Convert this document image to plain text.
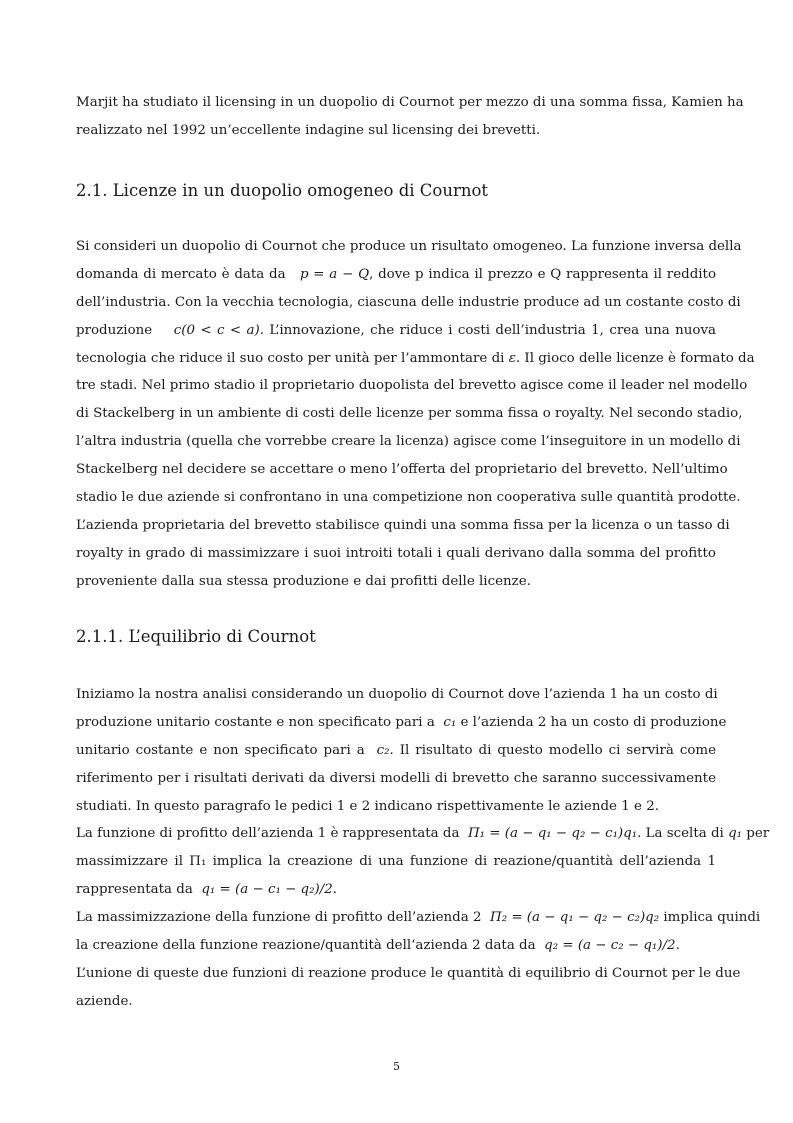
Marjit ha studiato il licensing in un duopolio di Cournot per mezzo di una somma fissa, Kamien ha
realizzato nel 1992 un’eccellente indagine sul licensing dei brevetti.
2.1. Licenze in un duopolio omogeneo di Cournot
Si consideri un duopolio di Cournot che produce un risultato omogeneo. La funzione inversa della
domanda di mercato è data da p = a − Q, dove p indica il prezzo e Q rappresenta il reddito
dell’industria. Con la vecchia tecnologia, ciascuna delle industrie produce ad un costante costo di
produzione c(0 < c < a). L’innovazione, che riduce i costi dell’industria 1, crea una nuova
tecnologia che riduce il suo costo per unità per l’ammontare di ε. Il gioco delle licenze è formato da
tre stadi. Nel primo stadio il proprietario duopolista del brevetto agisce come il leader nel modello
di Stackelberg in un ambiente di costi delle licenze per somma fissa o royalty. Nel secondo stadio,
l’altra industria (quella che vorrebbe creare la licenza) agisce come l’inseguitore in un modello di
Stackelberg nel decidere se accettare o meno l’offerta del proprietario del brevetto. Nell’ultimo
stadio le due aziende si confrontano in una competizione non cooperativa sulle quantità prodotte.
L’azienda proprietaria del brevetto stabilisce quindi una somma fissa per la licenza o un tasso di
royalty in grado di massimizzare i suoi introiti totali i quali derivano dalla somma del profitto
proveniente dalla sua stessa produzione e dai profitti delle licenze.
2.1.1. L’equilibrio di Cournot
Iniziamo la nostra analisi considerando un duopolio di Cournot dove l’azienda 1 ha un costo di
produzione unitario costante e non specificato pari a c₁ e l’azienda 2 ha un costo di produzione
unitario costante e non specificato pari a c₂. Il risultato di questo modello ci servirà come
riferimento per i risultati derivati da diversi modelli di brevetto che saranno successivamente
studiati. In questo paragrafo le pedici 1 e 2 indicano rispettivamente le aziende 1 e 2.
La funzione di profitto dell’azienda 1 è rappresentata da Π₁ = (a − q₁ − q₂ − c₁)q₁. La scelta di q₁ per
massimizzare il Π₁ implica la creazione di una funzione di reazione/quantità dell’azienda 1
rappresentata da q₁ = (a − c₁ − q₂)/2.
La massimizzazione della funzione di profitto dell’azienda 2 Π₂ = (a − q₁ − q₂ − c₂)q₂ implica quindi
la creazione della funzione reazione/quantità dell‘azienda 2 data da q₂ = (a − c₂ − q₁)/2.
L’unione di queste due funzioni di reazione produce le quantità di equilibrio di Cournot per le due
aziende.
5
